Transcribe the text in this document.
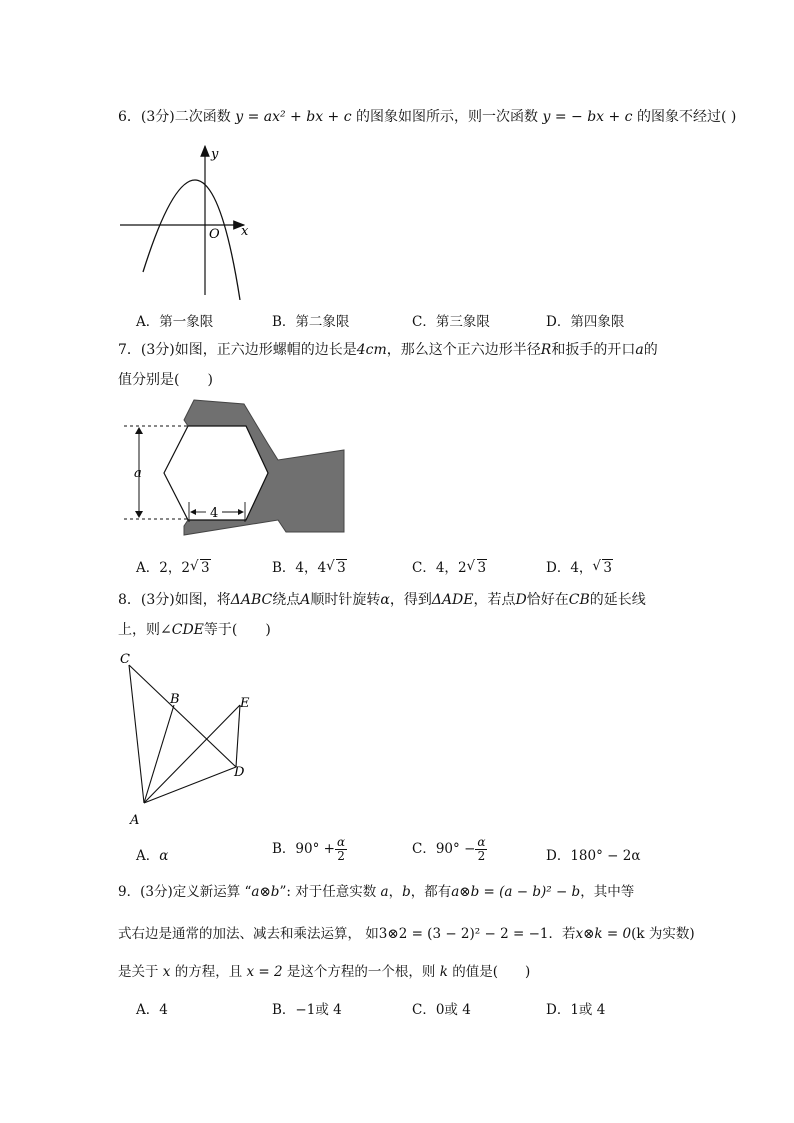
6．(3分)二次函数 y = ax² + bx + c 的图象如图所示，则一次函数 y = − bx + c 的图象不经过( )
y
x
O
A．第一象限	B．第二象限	C．第三象限	D．第四象限
7．(3分)如图，正六边形螺帽的边长是4cm，那么这个正六边形半径R和扳手的开口a的
值分别是(　　)
a
4
A．2，2 √ 3	B．4，4 √ 3	C．4，2 √ 3	D．4， √ 3
8．(3分)如图，将ΔABC绕点A顺时针旋转α，得到ΔADE，若点D恰好在CB的延长线
上，则∠CDE等于(　　)
C
B	E
D
A
A．α	B．$90^\circ + \frac{\alpha}{2}$	C．$90^\circ - \frac{\alpha}{2}$	D．180° − 2α
9．(3分)定义新运算 “a⊗b”: 对于任意实数 a，b，都有a⊗b = (a − b)² − b，其中等
式右边是通常的加法、减去和乘法运算， 如3⊗2 = (3 − 2)² − 2 = −1．若x⊗k = 0(k 为实数)
是关于 x 的方程，且 x = 2 是这个方程的一个根，则 k 的值是(　　)
A．4	B．−1或 4	C．0或 4	D．1或 4
